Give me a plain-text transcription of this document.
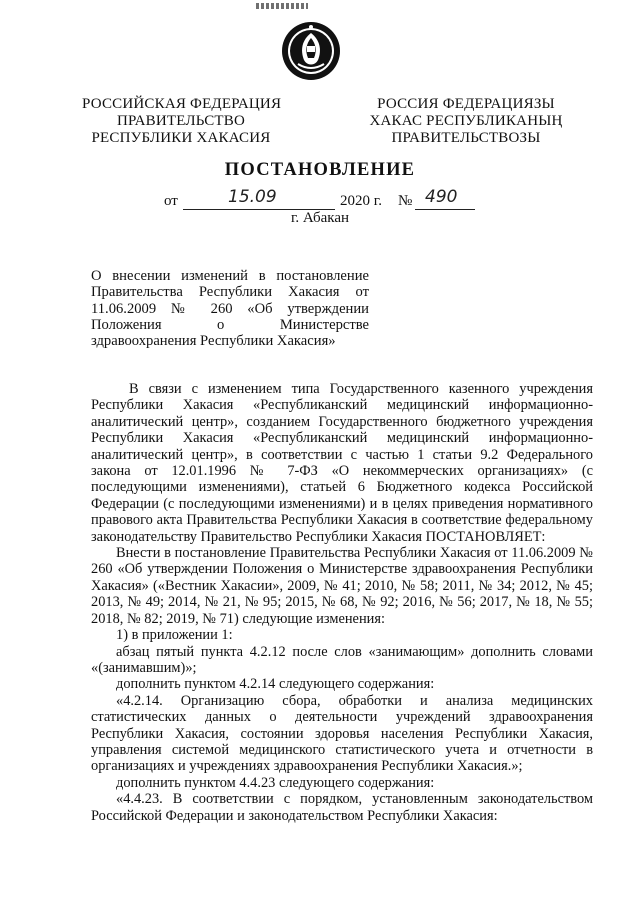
РОССИЙСКАЯ ФЕДЕРАЦИЯ
ПРАВИТЕЛЬСТВО
РЕСПУБЛИКИ ХАКАСИЯ
РОССИЯ ФЕДЕРАЦИЯЗЫ
ХАКАС РЕСПУБЛИКАНЫҢ
ПРАВИТЕЛЬСТВОЗЫ
ПОСТАНОВЛЕНИЕ
от	15.09	2020 г. № 490
г. Абакан

О внесении изменений в постановление Правительства Республики Хакасия от 11.06.2009 № 260 «Об утверждении Положения о Министерстве здравоохранения Республики Хакасия»

В связи с изменением типа Государственного казенного учреждения Республики Хакасия «Республиканский медицинский информационно-аналитический центр», созданием Государственного бюджетного учреждения Республики Хакасия «Республиканский медицинский информационно-аналитический центр», в соответствии с частью 1 статьи 9.2 Федерального закона от 12.01.1996 № 7-ФЗ «О некоммерческих организациях» (с последующими изменениями), статьей 6 Бюджетного кодекса Российской Федерации (с последующими изменениями) и в целях приведения нормативного правового акта Правительства Республики Хакасия в соответствие федеральному законодательству Правительство Республики Хакасия ПОСТАНОВЛЯЕТ:

Внести в постановление Правительства Республики Хакасия от 11.06.2009 № 260 «Об утверждении Положения о Министерстве здравоохранения Республики Хакасия» («Вестник Хакасии», 2009, № 41; 2010, № 58; 2011, № 34; 2012, № 45; 2013, № 49; 2014, № 21, № 95; 2015, № 68, № 92; 2016, № 56; 2017, № 18, № 55; 2018, № 82; 2019, № 71) следующие изменения:

1) в приложении 1:

абзац пятый пункта 4.2.12 после слов «занимающим» дополнить словами «(занимавшим)»;

дополнить пунктом 4.2.14 следующего содержания:

«4.2.14. Организацию сбора, обработки и анализа медицинских статистических данных о деятельности учреждений здравоохранения Республики Хакасия, состоянии здоровья населения Республики Хакасия, управления системой медицинского статистического учета и отчетности в организациях и учреждениях здравоохранения Республики Хакасия.»;

дополнить пунктом 4.4.23 следующего содержания:

«4.4.23. В соответствии с порядком, установленным законодательством Российской Федерации и законодательством Республики Хакасия:
